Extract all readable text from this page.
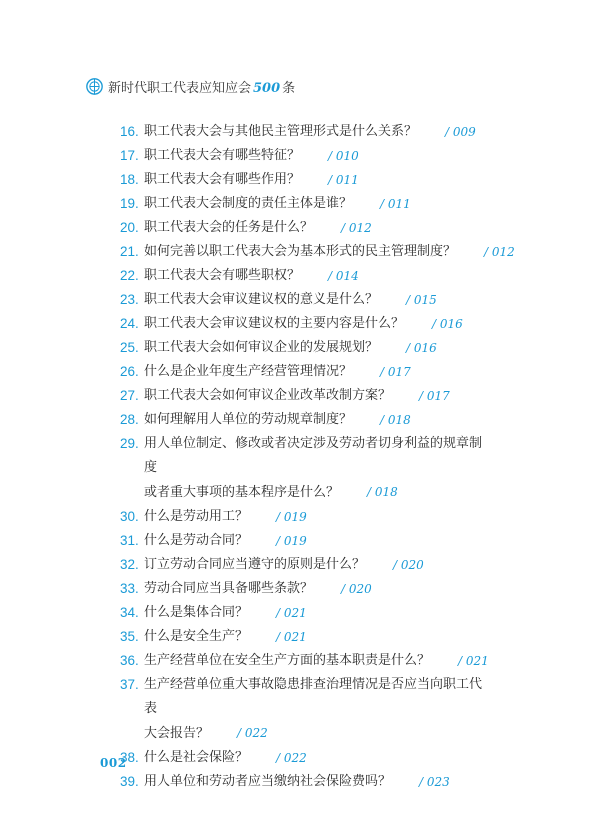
新时代职工代表应知应会 500 条
16. 职工代表大会与其他民主管理形式是什么关系？ / 009
17. 职工代表大会有哪些特征？ / 010
18. 职工代表大会有哪些作用？ / 011
19. 职工代表大会制度的责任主体是谁？ / 011
20. 职工代表大会的任务是什么？ / 012
21. 如何完善以职工代表大会为基本形式的民主管理制度？ / 012
22. 职工代表大会有哪些职权？ / 014
23. 职工代表大会审议建议权的意义是什么？ / 015
24. 职工代表大会审议建议权的主要内容是什么？ / 016
25. 职工代表大会如何审议企业的发展规划？ / 016
26. 什么是企业年度生产经营管理情况？ / 017
27. 职工代表大会如何审议企业改革改制方案？ / 017
28. 如何理解用人单位的劳动规章制度？ / 018
29. 用人单位制定、修改或者决定涉及劳动者切身利益的规章制度
或者重大事项的基本程序是什么？ / 018
30. 什么是劳动用工？ / 019
31. 什么是劳动合同？ / 019
32. 订立劳动合同应当遵守的原则是什么？ / 020
33. 劳动合同应当具备哪些条款？ / 020
34. 什么是集体合同？ / 021
35. 什么是安全生产？ / 021
36. 生产经营单位在安全生产方面的基本职责是什么？ / 021
37. 生产经营单位重大事故隐患排查治理情况是否应当向职工代表
大会报告？ / 022
38. 什么是社会保险？ / 022
39. 用人单位和劳动者应当缴纳社会保险费吗？ / 023
002
